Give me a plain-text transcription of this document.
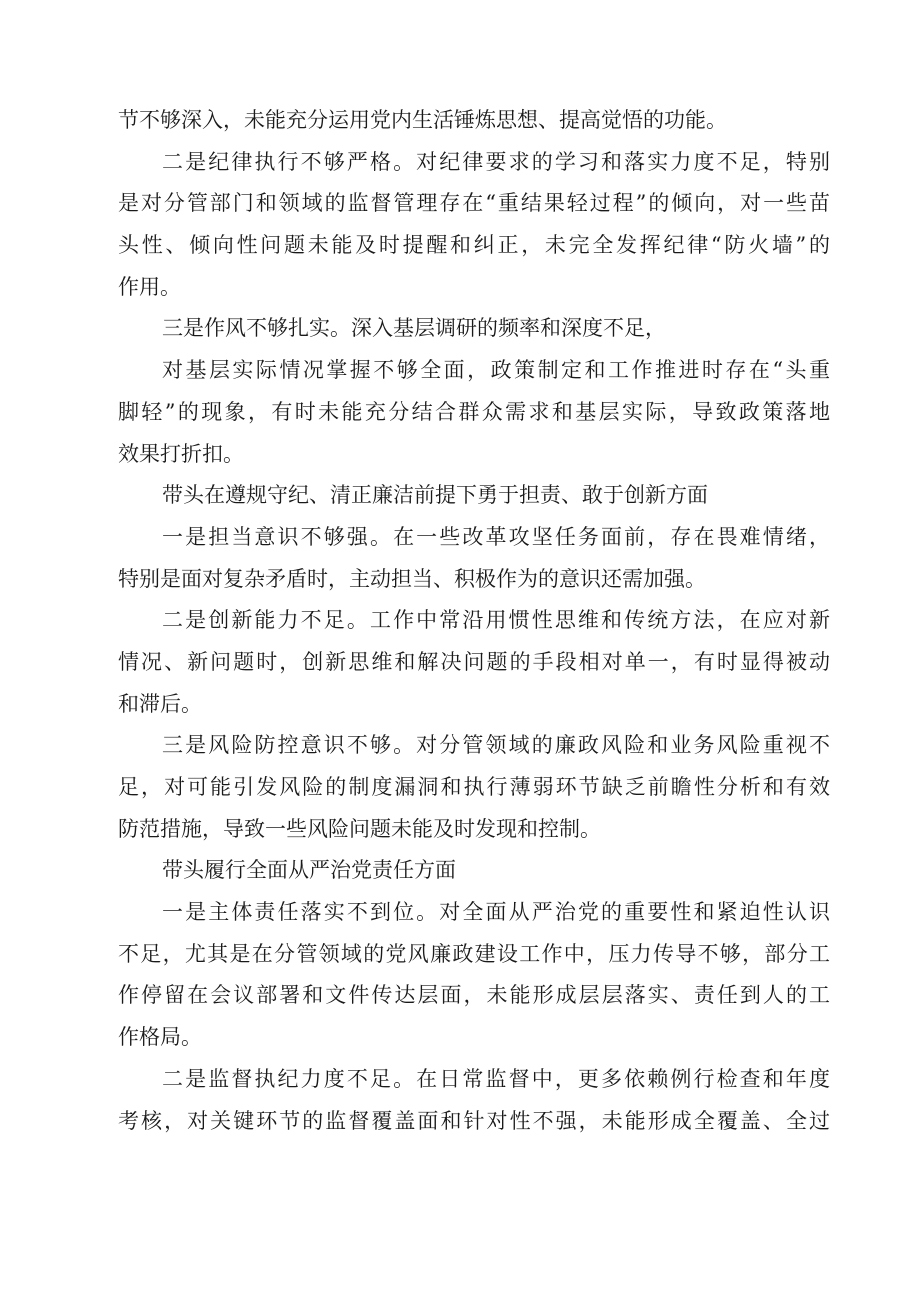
节不够深入，未能充分运用党内生活锤炼思想、提高觉悟的功能。
二是纪律执行不够严格。对纪律要求的学习和落实力度不足，特别
是对分管部门和领域的监督管理存在“重结果轻过程”的倾向，对一些苗
头性、倾向性问题未能及时提醒和纠正，未完全发挥纪律“防火墙”的
作用。
三是作风不够扎实。深入基层调研的频率和深度不足，
对基层实际情况掌握不够全面，政策制定和工作推进时存在“头重
脚轻”的现象，有时未能充分结合群众需求和基层实际，导致政策落地
效果打折扣。
带头在遵规守纪、清正廉洁前提下勇于担责、敢于创新方面
一是担当意识不够强。在一些改革攻坚任务面前，存在畏难情绪，
特别是面对复杂矛盾时，主动担当、积极作为的意识还需加强。
二是创新能力不足。工作中常沿用惯性思维和传统方法，在应对新
情况、新问题时，创新思维和解决问题的手段相对单一，有时显得被动
和滞后。
三是风险防控意识不够。对分管领域的廉政风险和业务风险重视不
足，对可能引发风险的制度漏洞和执行薄弱环节缺乏前瞻性分析和有效
防范措施，导致一些风险问题未能及时发现和控制。
带头履行全面从严治党责任方面
一是主体责任落实不到位。对全面从严治党的重要性和紧迫性认识
不足，尤其是在分管领域的党风廉政建设工作中，压力传导不够，部分工
作停留在会议部署和文件传达层面，未能形成层层落实、责任到人的工
作格局。
二是监督执纪力度不足。在日常监督中，更多依赖例行检查和年度
考核，对关键环节的监督覆盖面和针对性不强，未能形成全覆盖、全过
